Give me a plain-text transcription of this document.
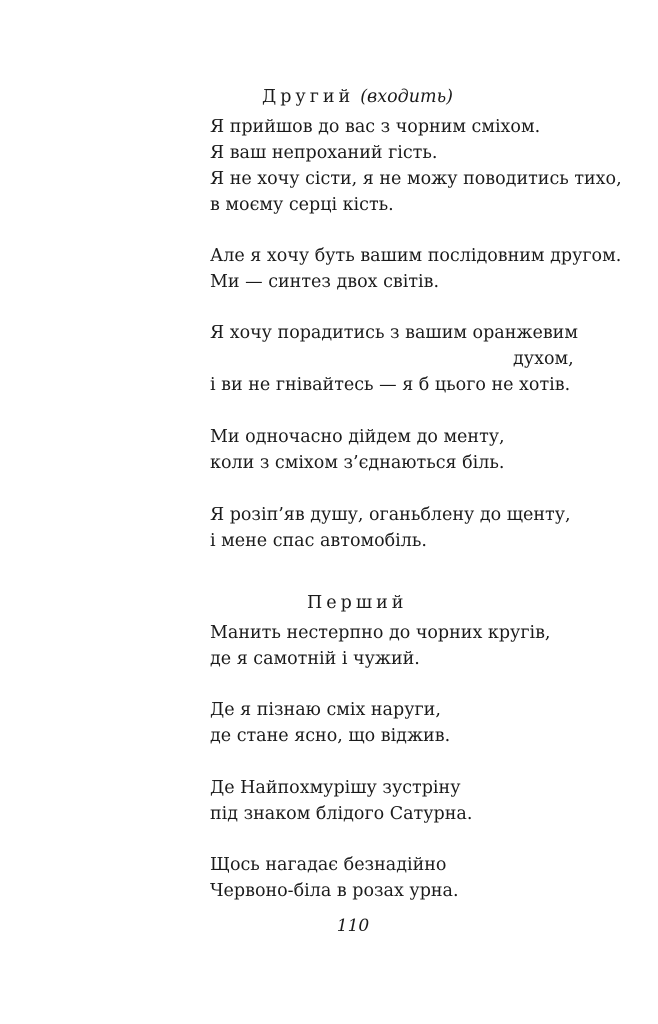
Другий (входить)
Я прийшов до вас з чорним сміхом.
Я ваш непроханий гість.
Я не хочу сісти, я не можу поводитись тихо,
в моєму серці кість.
Але я хочу буть вашим послідовним другом.
Ми — синтез двох світів.
Я хочу порадитись з вашим оранжевим
духом,
і ви не гнівайтесь — я б цього не хотів.
Ми одночасно дійдем до менту,
коли з сміхом з’єднаються біль.
Я розіп’яв душу, оганьблену до щенту,
і мене спас автомобіль.
Перший
Манить нестерпно до чорних кругів,
де я самотній і чужий.
Де я пізнаю сміх наруги,
де стане ясно, що віджив.
Де Найпохмурішу зустріну
під знаком блідого Сатурна.
Щось нагадає безнадійно
Червоно-біла в розах урна.
110
